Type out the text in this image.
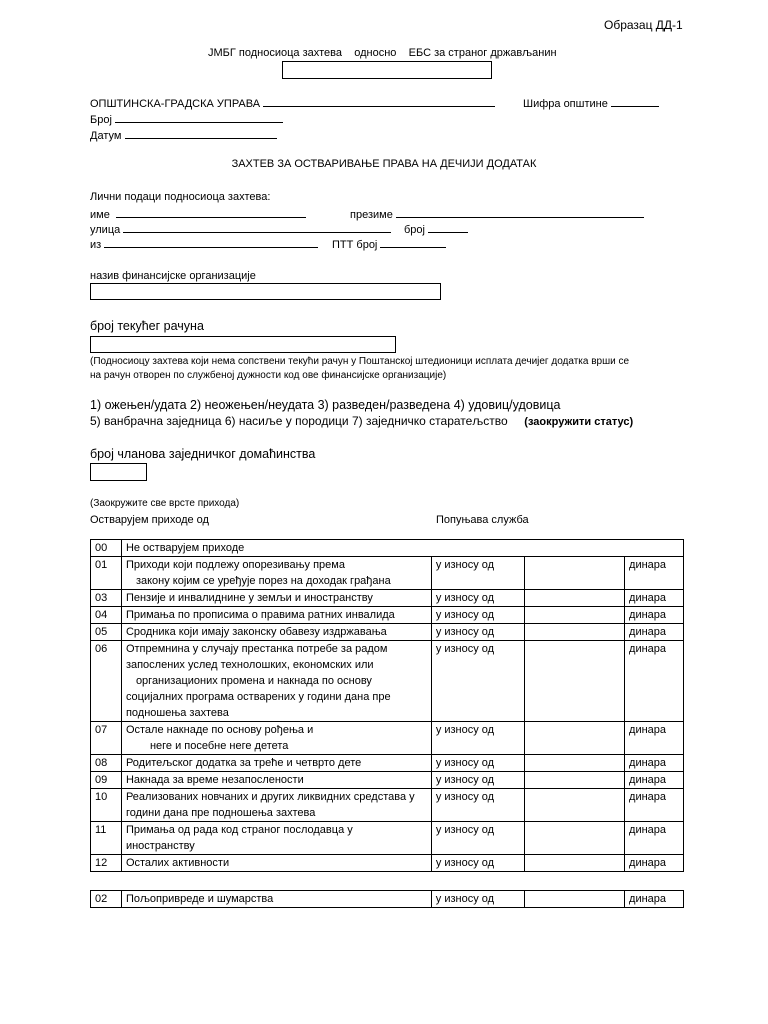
Образац ДД-1
ЈМБГ подносиоца захтева односно ЕБС за страног држављанин
ОПШТИНСКА-ГРАДСКА УПРАВА	Шифра општине
Број
Датум
ЗАХТЕВ ЗА ОСТВАРИВАЊЕ ПРАВА НА ДЕЧИЈИ ДОДАТАК
Лични подаци подносиоца захтева:
име	презиме
улица	број
из	ПТТ број
назив финансијске организације
број текућег рачуна
(Подносиоцу захтева који нема сопствени текући рачун у Поштанској штедионици исплата дечијег додатка врши се
на рачун отворен по службеној дужности код ове финансијске организације)
1) ожењен/удата 2) неожењен/неудата 3) разведен/разведена 4) удовиц/удовица
5) ванбрачна заједница 6) насиље у породици 7) заједничко старатељство (заокружити статус)
број чланова заједничког домаћинства
(Заокружите све врсте прихода)
Остварујем приходе од	Попуњава служба
00	Не остварујем приходе			

01	Приходи који подлежу опорезивању према
закону којим се уређује порез на доходак грађана	у износу од		динара
03	Пензије и инвалиднине у земљи и иностранству	у износу од		динара
04	Примања по прописима о правима ратних инвалида	у износу од		динара
05	Сродника који имају законску обавезу издржавања	у износу од		динара
06	Отпремнина у случају престанка потребе за радом
запослених услед технолошких, економских или
организационих промена и накнада по основу
социјалних програма остварених у години дана пре
подношења захтева	у износу од		динара
07	Остале накнаде по основу рођења и
неге и посебне неге детета	у износу од		динара
08	Родитељског додатка за треће и четврто дете	у износу од		динара
09	Накнада за време незапослености	у износу од		динара
10	Реализованих новчаних и других ликвидних средстава у
години дана пре подношења захтева	у износу од		динара
11	Примања од рада код страног послодавца у
иностранству	у износу од		динара
12	Осталих активности	у износу од		динара
02	Пољопривреде и шумарства	у износу од		динара
